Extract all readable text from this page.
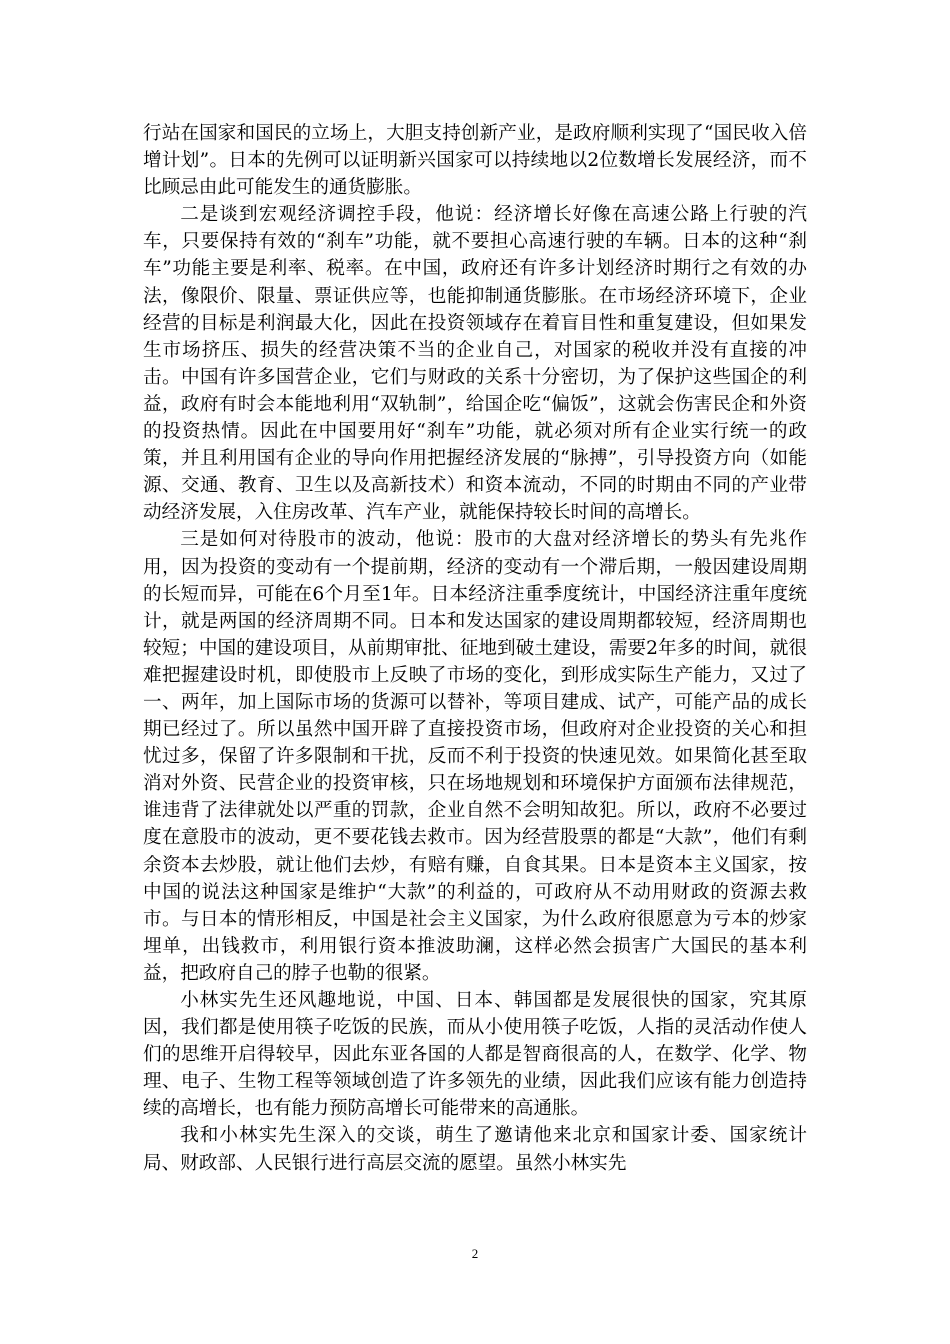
行站在国家和国民的立场上，大胆支持创新产业，是政府顺利实现了“国民收入倍增计划”。日本的先例可以证明新兴国家可以持续地以2位数增长发展经济，而不比顾忌由此可能发生的通货膨胀。

二是谈到宏观经济调控手段，他说：经济增长好像在高速公路上行驶的汽车，只要保持有效的“刹车”功能，就不要担心高速行驶的车辆。日本的这种“刹车”功能主要是利率、税率。在中国，政府还有许多计划经济时期行之有效的办法，像限价、限量、票证供应等，也能抑制通货膨胀。在市场经济环境下，企业经营的目标是利润最大化，因此在投资领域存在着盲目性和重复建设，但如果发生市场挤压、损失的经营决策不当的企业自己，对国家的税收并没有直接的冲击。中国有许多国营企业，它们与财政的关系十分密切，为了保护这些国企的利益，政府有时会本能地利用“双轨制”，给国企吃“偏饭”，这就会伤害民企和外资的投资热情。因此在中国要用好“刹车”功能，就必须对所有企业实行统一的政策，并且利用国有企业的导向作用把握经济发展的“脉搏”，引导投资方向（如能源、交通、教育、卫生以及高新技术）和资本流动，不同的时期由不同的产业带动经济发展，入住房改革、汽车产业，就能保持较长时间的高增长。

三是如何对待股市的波动，他说：股市的大盘对经济增长的势头有先兆作用，因为投资的变动有一个提前期，经济的变动有一个滞后期，一般因建设周期的长短而异，可能在6个月至1年。日本经济注重季度统计，中国经济注重年度统计，就是两国的经济周期不同。日本和发达国家的建设周期都较短，经济周期也较短；中国的建设项目，从前期审批、征地到破土建设，需要2年多的时间，就很难把握建设时机，即使股市上反映了市场的变化，到形成实际生产能力，又过了一、两年，加上国际市场的货源可以替补，等项目建成、试产，可能产品的成长期已经过了。所以虽然中国开辟了直接投资市场，但政府对企业投资的关心和担忧过多，保留了许多限制和干扰，反而不利于投资的快速见效。如果简化甚至取消对外资、民营企业的投资审核，只在场地规划和环境保护方面颁布法律规范，谁违背了法律就处以严重的罚款，企业自然不会明知故犯。所以，政府不必要过度在意股市的波动，更不要花钱去救市。因为经营股票的都是“大款”，他们有剩余资本去炒股，就让他们去炒，有赔有赚，自食其果。日本是资本主义国家，按中国的说法这种国家是维护“大款”的利益的，可政府从不动用财政的资源去救市。与日本的情形相反，中国是社会主义国家，为什么政府很愿意为亏本的炒家埋单，出钱救市，利用银行资本推波助澜，这样必然会损害广大国民的基本利益，把政府自己的脖子也勒的很紧。

小林实先生还风趣地说，中国、日本、韩国都是发展很快的国家，究其原因，我们都是使用筷子吃饭的民族，而从小使用筷子吃饭，人指的灵活动作使人们的思维开启得较早，因此东亚各国的人都是智商很高的人，在数学、化学、物理、电子、生物工程等领域创造了许多领先的业绩，因此我们应该有能力创造持续的高增长，也有能力预防高增长可能带来的高通胀。

我和小林实先生深入的交谈，萌生了邀请他来北京和国家计委、国家统计局、财政部、人民银行进行高层交流的愿望。虽然小林实先

2
